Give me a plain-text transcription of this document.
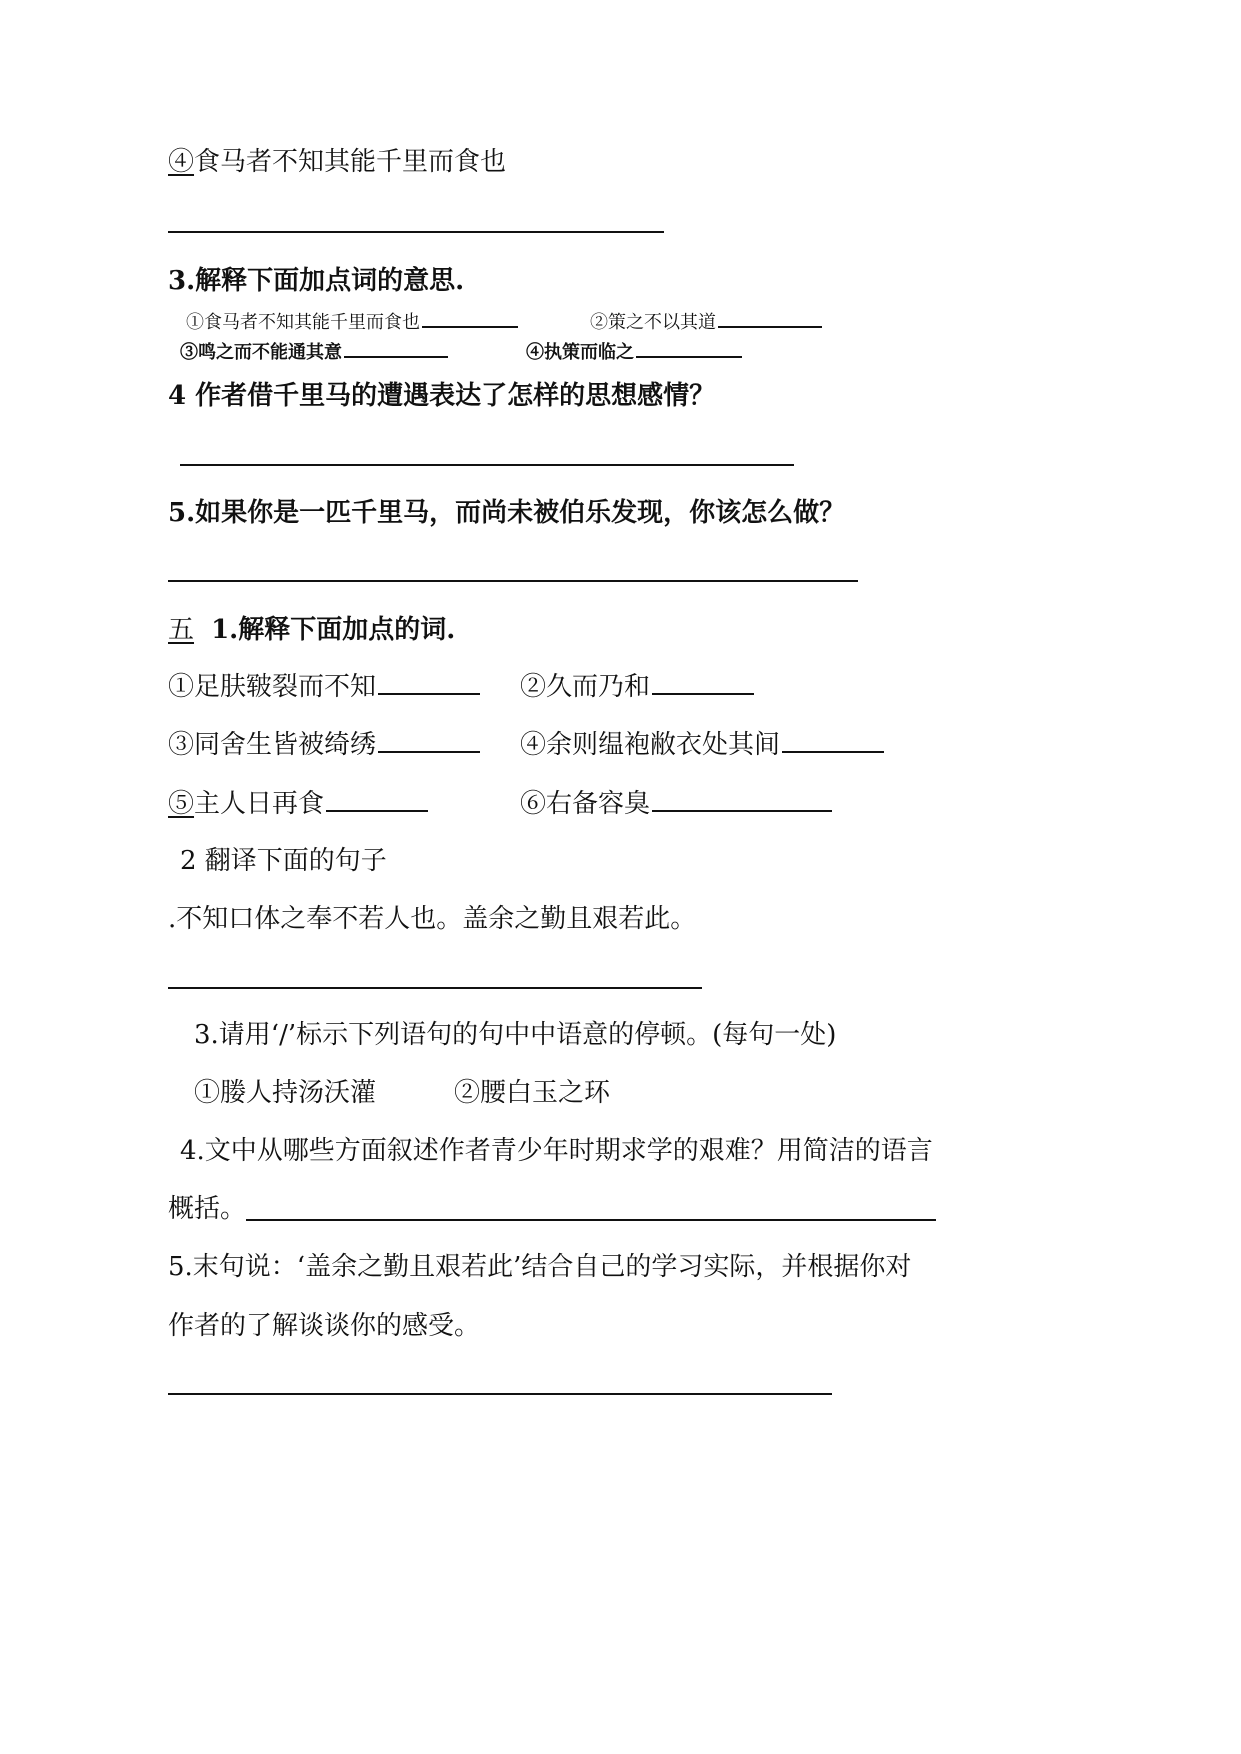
④食马者不知其能千里而食也
3.解释下面加点词的意思.
①食马者不知其能千里而食也	②策之不以其道
③鸣之而不能通其意	④执策而临之
4 作者借千里马的遭遇表达了怎样的思想感情？
5.如果你是一匹千里马，而尚未被伯乐发现，你该怎么做？
五 1.解释下面加点的词.
①足肤皲裂而不知	②久而乃和
③同舍生皆被绮绣	④余则缊袍敝衣处其间
⑤主人日再食	⑥右备容臭
2 翻译下面的句子
.不知口体之奉不若人也。盖余之勤且艰若此。
3.请用‘/’标示下列语句的句中中语意的停顿。(每句一处)
①媵人持汤沃灌	②腰白玉之环
4.文中从哪些方面叙述作者青少年时期求学的艰难？用简洁的语言
概括。
5.末句说：‘盖余之勤且艰若此’结合自己的学习实际，并根据你对
作者的了解谈谈你的感受。
